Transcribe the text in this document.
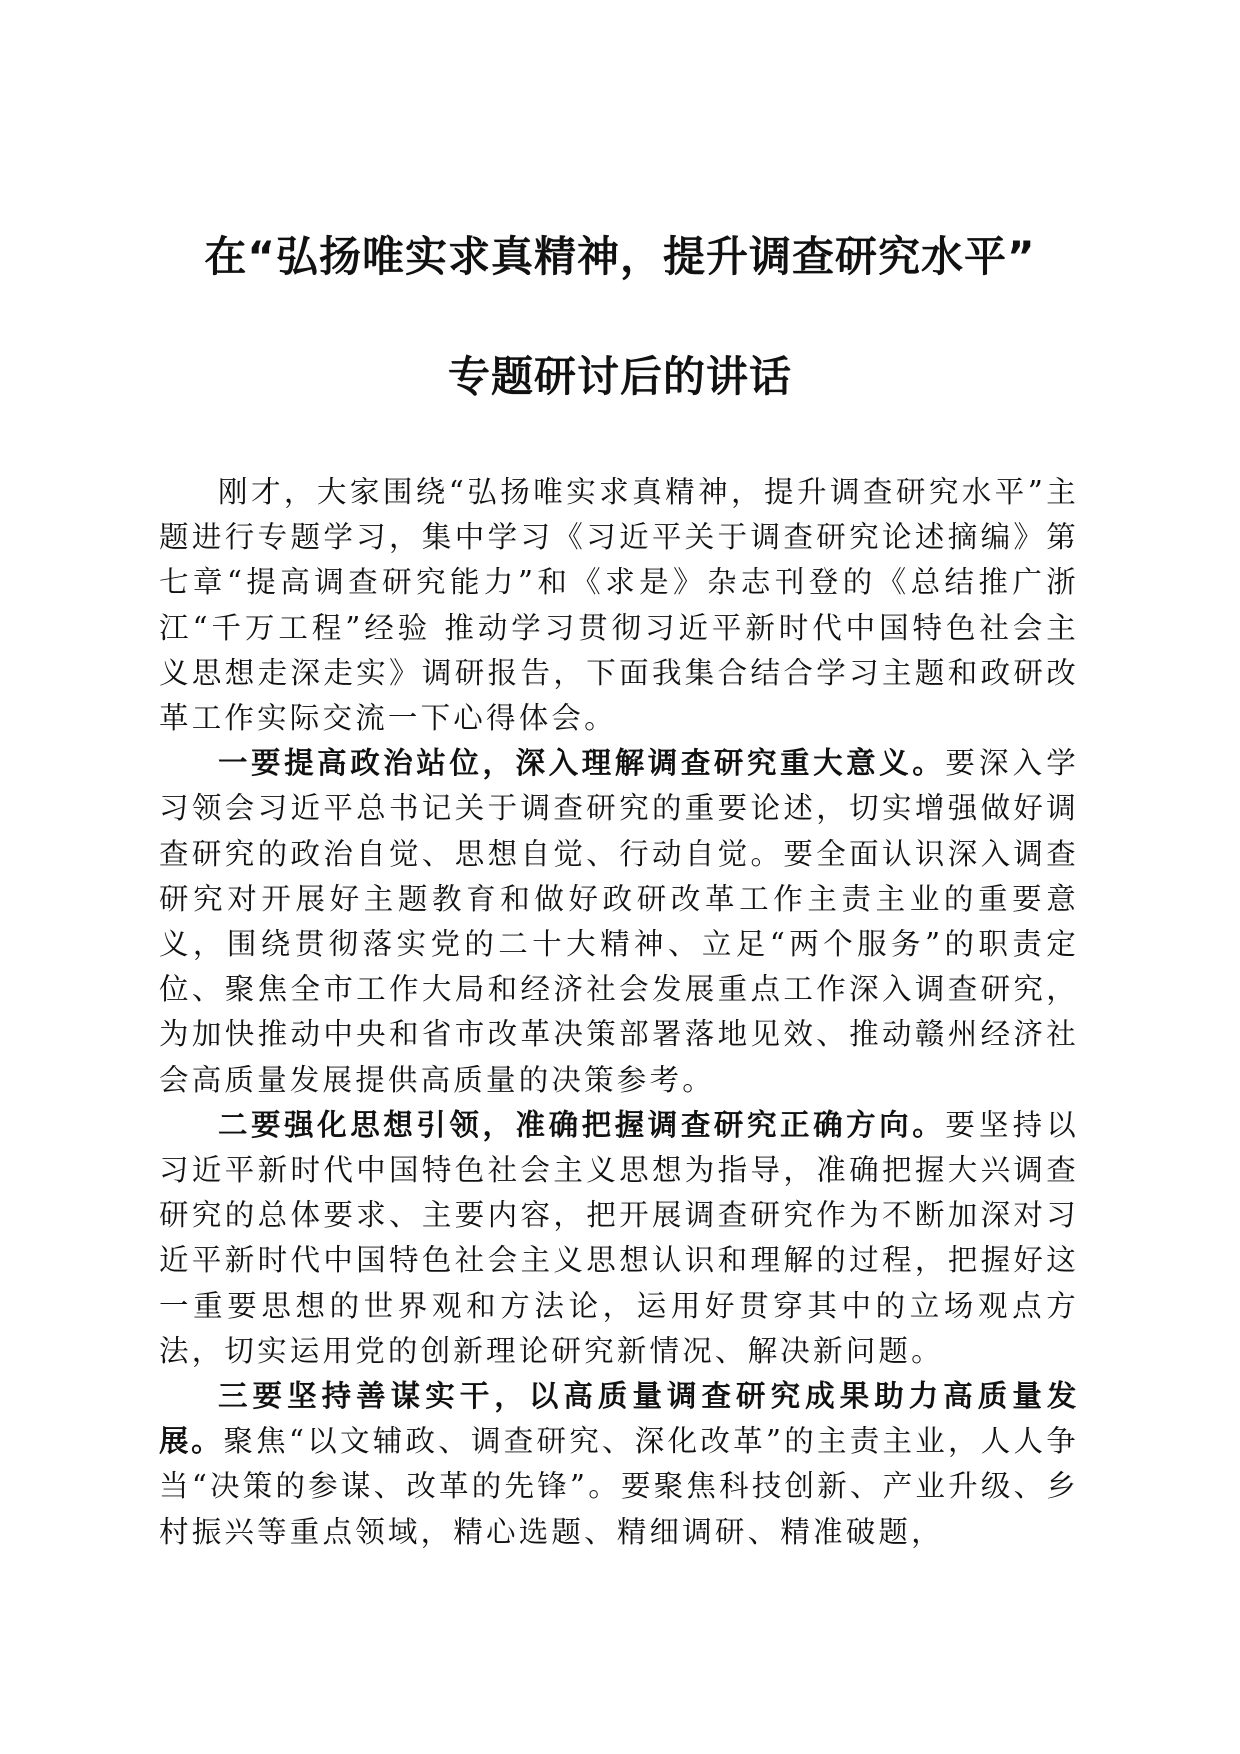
在“弘扬唯实求真精神，提升调查研究水平”
专题研讨后的讲话

刚才，大家围绕“弘扬唯实求真精神，提升调查研究水平”主题进行专题学习，集中学习《习近平关于调查研究论述摘编》第七章“提高调查研究能力”和《求是》杂志刊登的《总结推广浙江“千万工程”经验 推动学习贯彻习近平新时代中国特色社会主义思想走深走实》调研报告，下面我集合结合学习主题和政研改革工作实际交流一下心得体会。

一要提高政治站位，深入理解调查研究重大意义。要深入学习领会习近平总书记关于调查研究的重要论述，切实增强做好调查研究的政治自觉、思想自觉、行动自觉。要全面认识深入调查研究对开展好主题教育和做好政研改革工作主责主业的重要意义，围绕贯彻落实党的二十大精神、立足“两个服务”的职责定位、聚焦全市工作大局和经济社会发展重点工作深入调查研究，为加快推动中央和省市改革决策部署落地见效、推动赣州经济社会高质量发展提供高质量的决策参考。

二要强化思想引领，准确把握调查研究正确方向。要坚持以习近平新时代中国特色社会主义思想为指导，准确把握大兴调查研究的总体要求、主要内容，把开展调查研究作为不断加深对习近平新时代中国特色社会主义思想认识和理解的过程，把握好这一重要思想的世界观和方法论，运用好贯穿其中的立场观点方法，切实运用党的创新理论研究新情况、解决新问题。

三要坚持善谋实干，以高质量调查研究成果助力高质量发展。聚焦“以文辅政、调查研究、深化改革”的主责主业，人人争当“决策的参谋、改革的先锋”。要聚焦科技创新、产业升级、乡村振兴等重点领域，精心选题、精细调研、精准破题，
